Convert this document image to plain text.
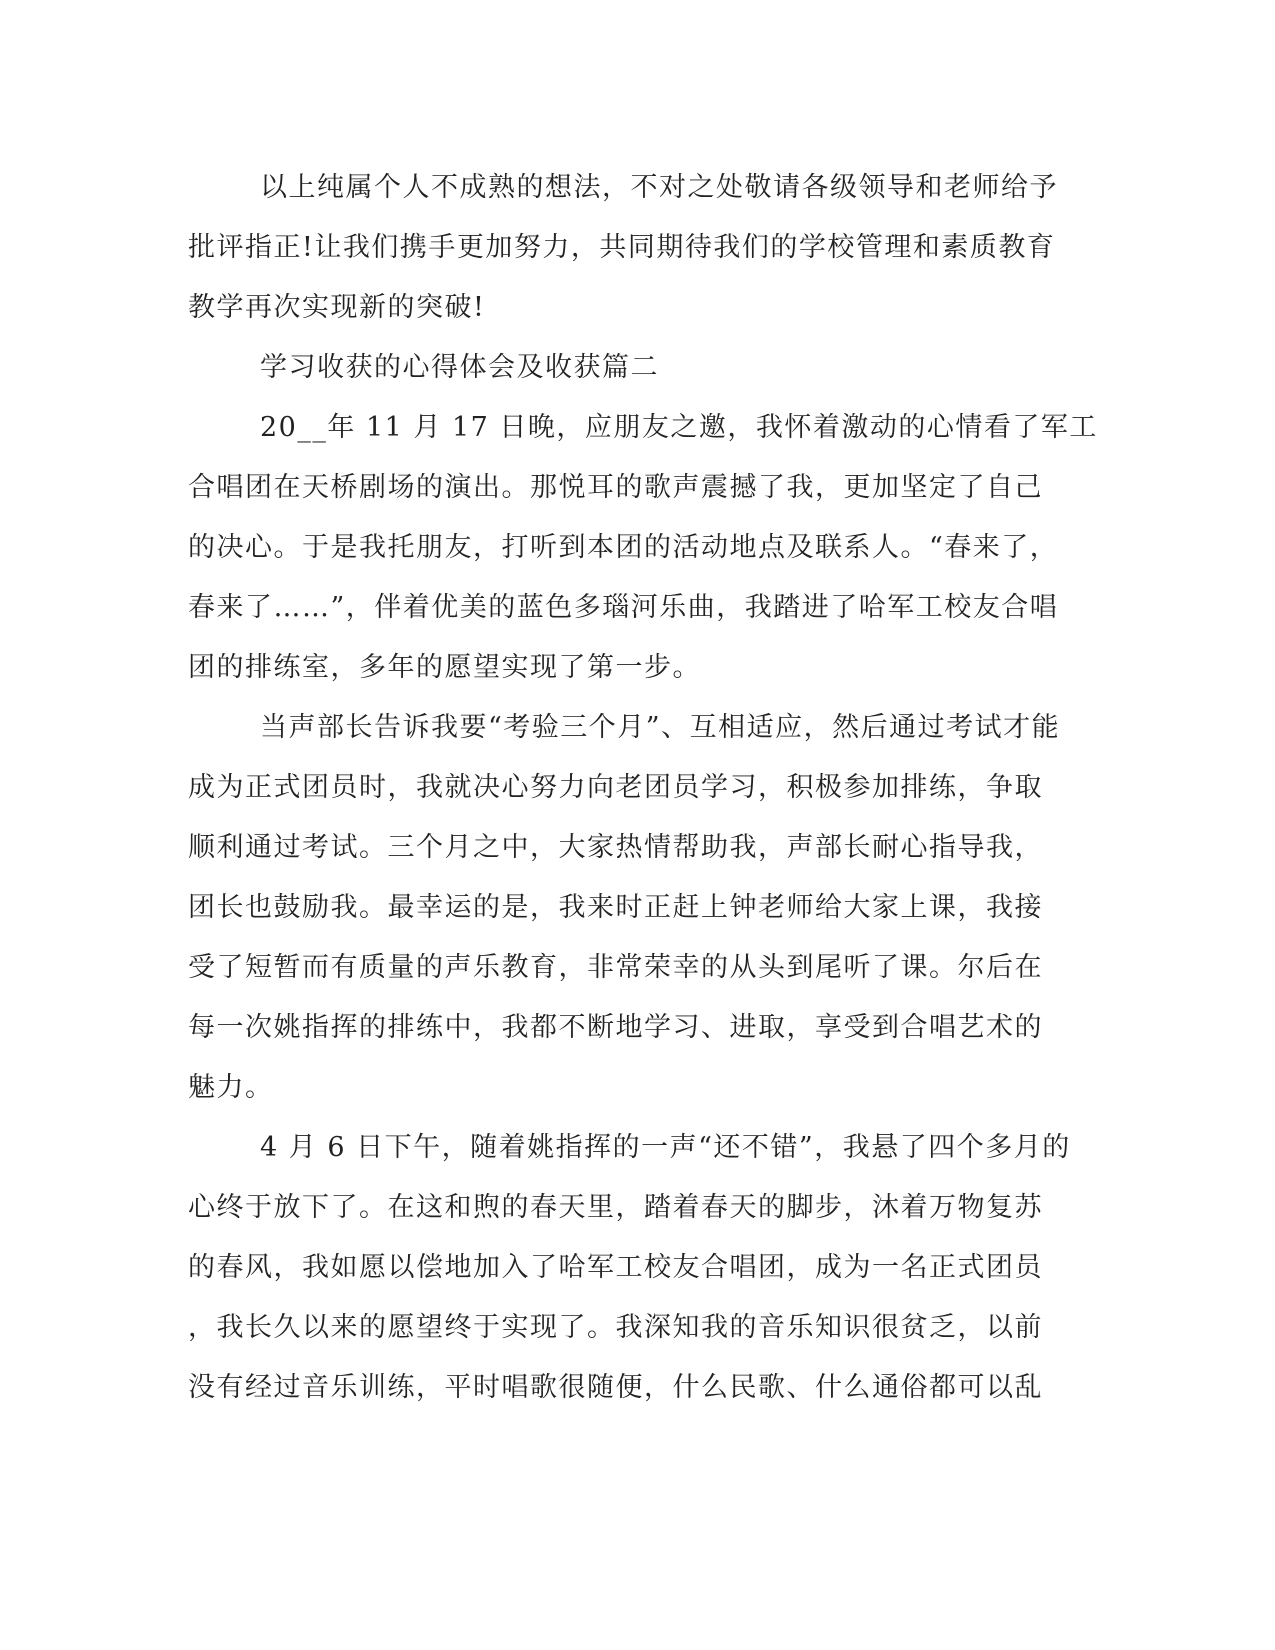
以上纯属个人不成熟的想法，不对之处敬请各级领导和老师给予
批评指正!让我们携手更加努力，共同期待我们的学校管理和素质教育
教学再次实现新的突破!
学习收获的心得体会及收获篇二
20__年 11 月 17 日晚，应朋友之邀，我怀着激动的心情看了军工
合唱团在天桥剧场的演出。那悦耳的歌声震撼了我，更加坚定了自己
的决心。于是我托朋友，打听到本团的活动地点及联系人。“春来了，
春来了……”，伴着优美的蓝色多瑙河乐曲，我踏进了哈军工校友合唱
团的排练室，多年的愿望实现了第一步。
当声部长告诉我要“考验三个月”、互相适应，然后通过考试才能
成为正式团员时，我就决心努力向老团员学习，积极参加排练，争取
顺利通过考试。三个月之中，大家热情帮助我，声部长耐心指导我，
团长也鼓励我。最幸运的是，我来时正赶上钟老师给大家上课，我接
受了短暂而有质量的声乐教育，非常荣幸的从头到尾听了课。尔后在
每一次姚指挥的排练中，我都不断地学习、进取，享受到合唱艺术的
魅力。
4 月 6 日下午，随着姚指挥的一声“还不错”，我悬了四个多月的
心终于放下了。在这和煦的春天里，踏着春天的脚步，沐着万物复苏
的春风，我如愿以偿地加入了哈军工校友合唱团，成为一名正式团员
，我长久以来的愿望终于实现了。我深知我的音乐知识很贫乏，以前
没有经过音乐训练，平时唱歌很随便，什么民歌、什么通俗都可以乱
